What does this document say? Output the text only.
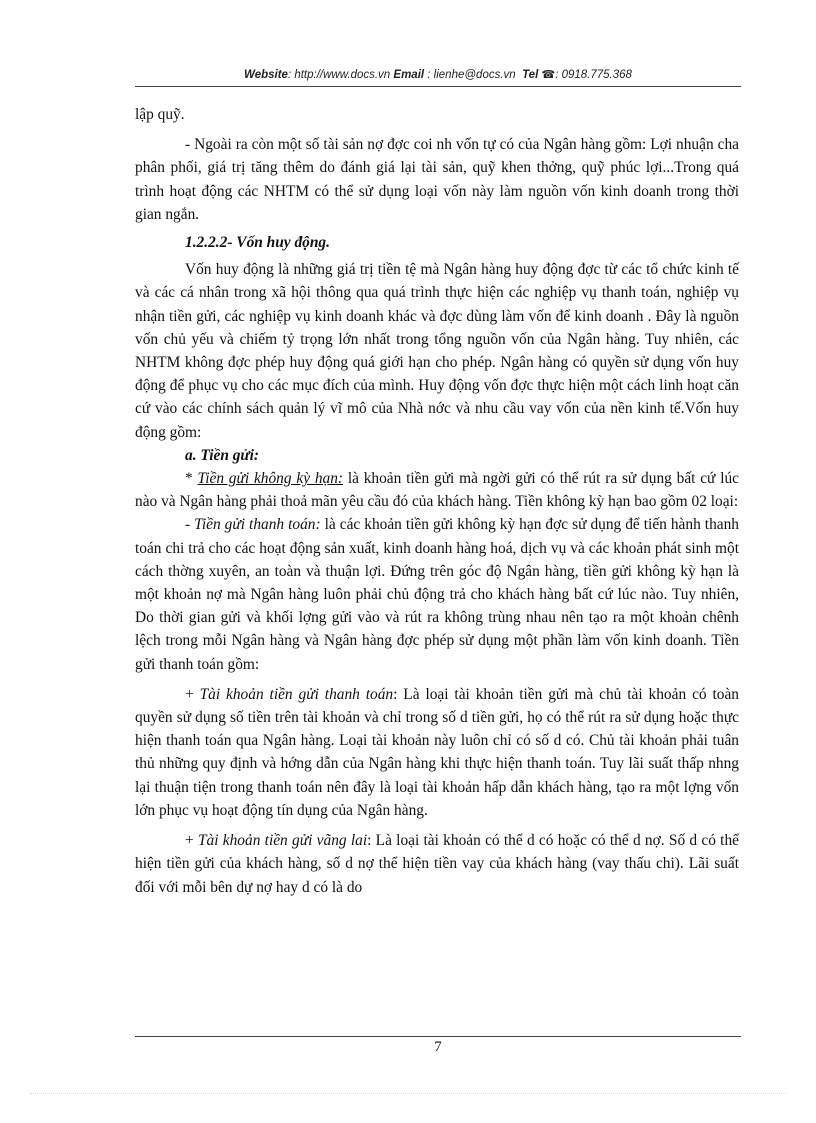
Website: http://www.docs.vn Email : lienhe@docs.vn Tel ☎: 0918.775.368

lập quỹ.

- Ngoài ra còn một số tài sản nợ đợc coi nh vốn tự có của Ngân hàng gồm: Lợi nhuận cha phân phối, giá trị tăng thêm do đánh giá lại tài sản, quỹ khen thởng, quỹ phúc lợi...Trong quá trình hoạt động các NHTM có thể sử dụng loại vốn này làm nguồn vốn kinh doanh trong thời gian ngắn.

1.2.2.2- Vốn huy động.

Vốn huy động là những giá trị tiền tệ mà Ngân hàng huy động đợc từ các tổ chức kinh tế và các cá nhân trong xã hội thông qua quá trình thực hiện các nghiệp vụ thanh toán, nghiệp vụ nhận tiền gửi, các nghiệp vụ kinh doanh khác và đợc dùng làm vốn để kinh doanh . Đây là nguồn vốn chủ yếu và chiếm tỷ trọng lớn nhất trong tổng nguồn vốn của Ngân hàng. Tuy nhiên, các NHTM không đợc phép huy động quá giới hạn cho phép. Ngân hàng có quyền sử dụng vốn huy động để phục vụ cho các mục đích của mình. Huy động vốn đợc thực hiện một cách linh hoạt căn cứ vào các chính sách quản lý vĩ mô của Nhà nớc và nhu cầu vay vốn của nền kinh tế.Vốn huy động gồm:

a. Tiền gửi:

* Tiền gửi không kỳ hạn: là khoản tiền gửi mà ngời gửi có thể rút ra sử dụng bất cứ lúc nào và Ngân hàng phải thoả mãn yêu cầu đó của khách hàng. Tiền không kỳ hạn bao gồm 02 loại:

- Tiền gửi thanh toán: là các khoản tiền gửi không kỳ hạn đợc sử dụng để tiến hành thanh toán chi trả cho các hoạt động sản xuất, kinh doanh hàng hoá, dịch vụ và các khoản phát sinh một cách thờng xuyên, an toàn và thuận lợi. Đứng trên góc độ Ngân hàng, tiền gửi không kỳ hạn là một khoản nợ mà Ngân hàng luôn phải chủ động trả cho khách hàng bất cứ lúc nào. Tuy nhiên, Do thời gian gửi và khối lợng gửi vào và rút ra không trùng nhau nên tạo ra một khoản chênh lệch trong mỗi Ngân hàng và Ngân hàng đợc phép sử dụng một phần làm vốn kinh doanh. Tiền gửi thanh toán gồm:

+ Tài khoản tiền gửi thanh toán: Là loại tài khoản tiền gửi mà chủ tài khoản có toàn quyền sử dụng số tiền trên tài khoản và chỉ trong số d tiền gửi, họ có thể rút ra sử dụng hoặc thực hiện thanh toán qua Ngân hàng. Loại tài khoản này luôn chỉ có số d có. Chủ tài khoản phải tuân thủ những quy định và hớng dẫn của Ngân hàng khi thực hiện thanh toán. Tuy lãi suất thấp nhng lại thuận tiện trong thanh toán nên đây là loại tài khoản hấp dẫn khách hàng, tạo ra một lợng vốn lớn phục vụ hoạt động tín dụng của Ngân hàng.

+ Tài khoản tiền gửi vãng lai: Là loại tài khoản có thể d có hoặc có thể d nợ. Số d có thể hiện tiền gửi của khách hàng, số d nợ thể hiện tiền vay của khách hàng (vay thấu chi). Lãi suất đối với mỗi bên dự nợ hay d có là do

7
